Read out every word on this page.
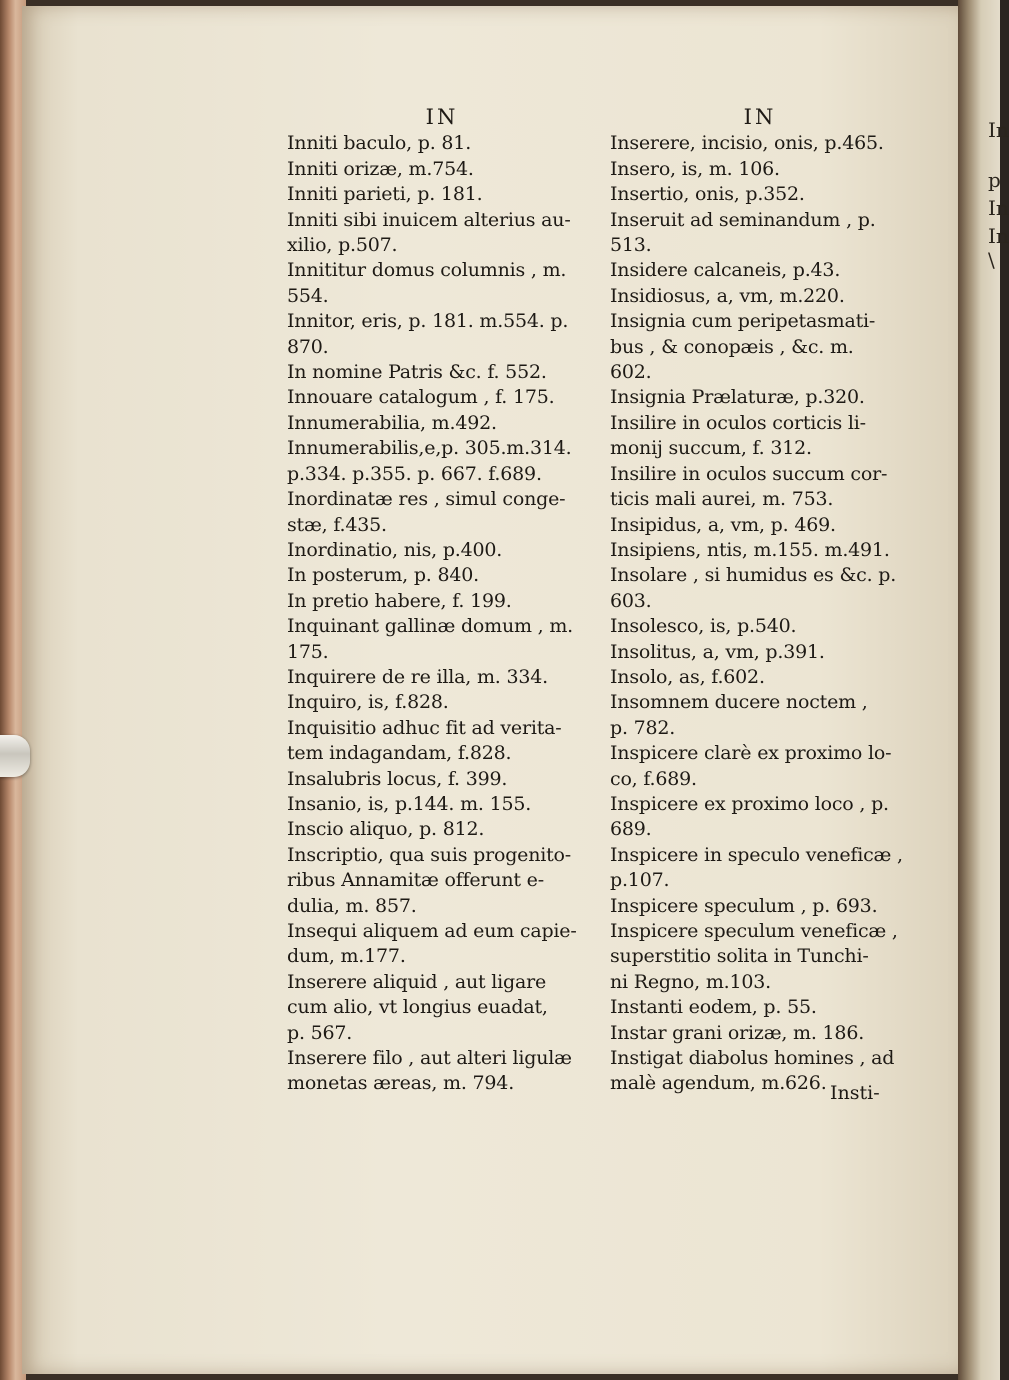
In
p
In
In
\
IN
Inniti baculo, p. 81.
Inniti orizæ, m.754.
Inniti parieti, p. 181.
Inniti sibi inuicem alterius au-
xilio, p.507.
Innititur domus columnis , m.
554.
Innitor, eris, p. 181. m.554. p.
870.
In nomine Patris &c. f. 552.
Innouare catalogum , f. 175.
Innumerabilia, m.492.
Innumerabilis,e,p. 305.m.314.
p.334. p.355. p. 667. f.689.
Inordinatæ res , simul conge-
stæ, f.435.
Inordinatio, nis, p.400.
In posterum, p. 840.
In pretio habere, f. 199.
Inquinant gallinæ domum , m.
175.
Inquirere de re illa, m. 334.
Inquiro, is, f.828.
Inquisitio adhuc fit ad verita-
tem indagandam, f.828.
Insalubris locus, f. 399.
Insanio, is, p.144. m. 155.
Inscio aliquo, p. 812.
Inscriptio, qua suis progenito-
ribus Annamitæ offerunt e-
dulia, m. 857.
Insequi aliquem ad eum capie-
dum, m.177.
Inserere aliquid , aut ligare
cum alio, vt longius euadat,
p. 567.
Inserere filo , aut alteri ligulæ
monetas æreas, m. 794.
IN
Inserere, incisio, onis, p.465.
Insero, is, m. 106.
Insertio, onis, p.352.
Inseruit ad seminandum , p.
513.
Insidere calcaneis, p.43.
Insidiosus, a, vm, m.220.
Insignia cum peripetasmati-
bus , & conopæis , &c. m.
602.
Insignia Prælaturæ, p.320.
Insilire in oculos corticis li-
monij succum, f. 312.
Insilire in oculos succum cor-
ticis mali aurei, m. 753.
Insipidus, a, vm, p. 469.
Insipiens, ntis, m.155. m.491.
Insolare , si humidus es &c. p.
603.
Insolesco, is, p.540.
Insolitus, a, vm, p.391.
Insolo, as, f.602.
Insomnem ducere noctem ,
p. 782.
Inspicere clarè ex proximo lo-
co, f.689.
Inspicere ex proximo loco , p.
689.
Inspicere in speculo veneficæ ,
p.107.
Inspicere speculum , p. 693.
Inspicere speculum veneficæ ,
superstitio solita in Tunchi-
ni Regno, m.103.
Instanti eodem, p. 55.
Instar grani orizæ, m. 186.
Instigat diabolus homines , ad
malè agendum, m.626. Insti-
